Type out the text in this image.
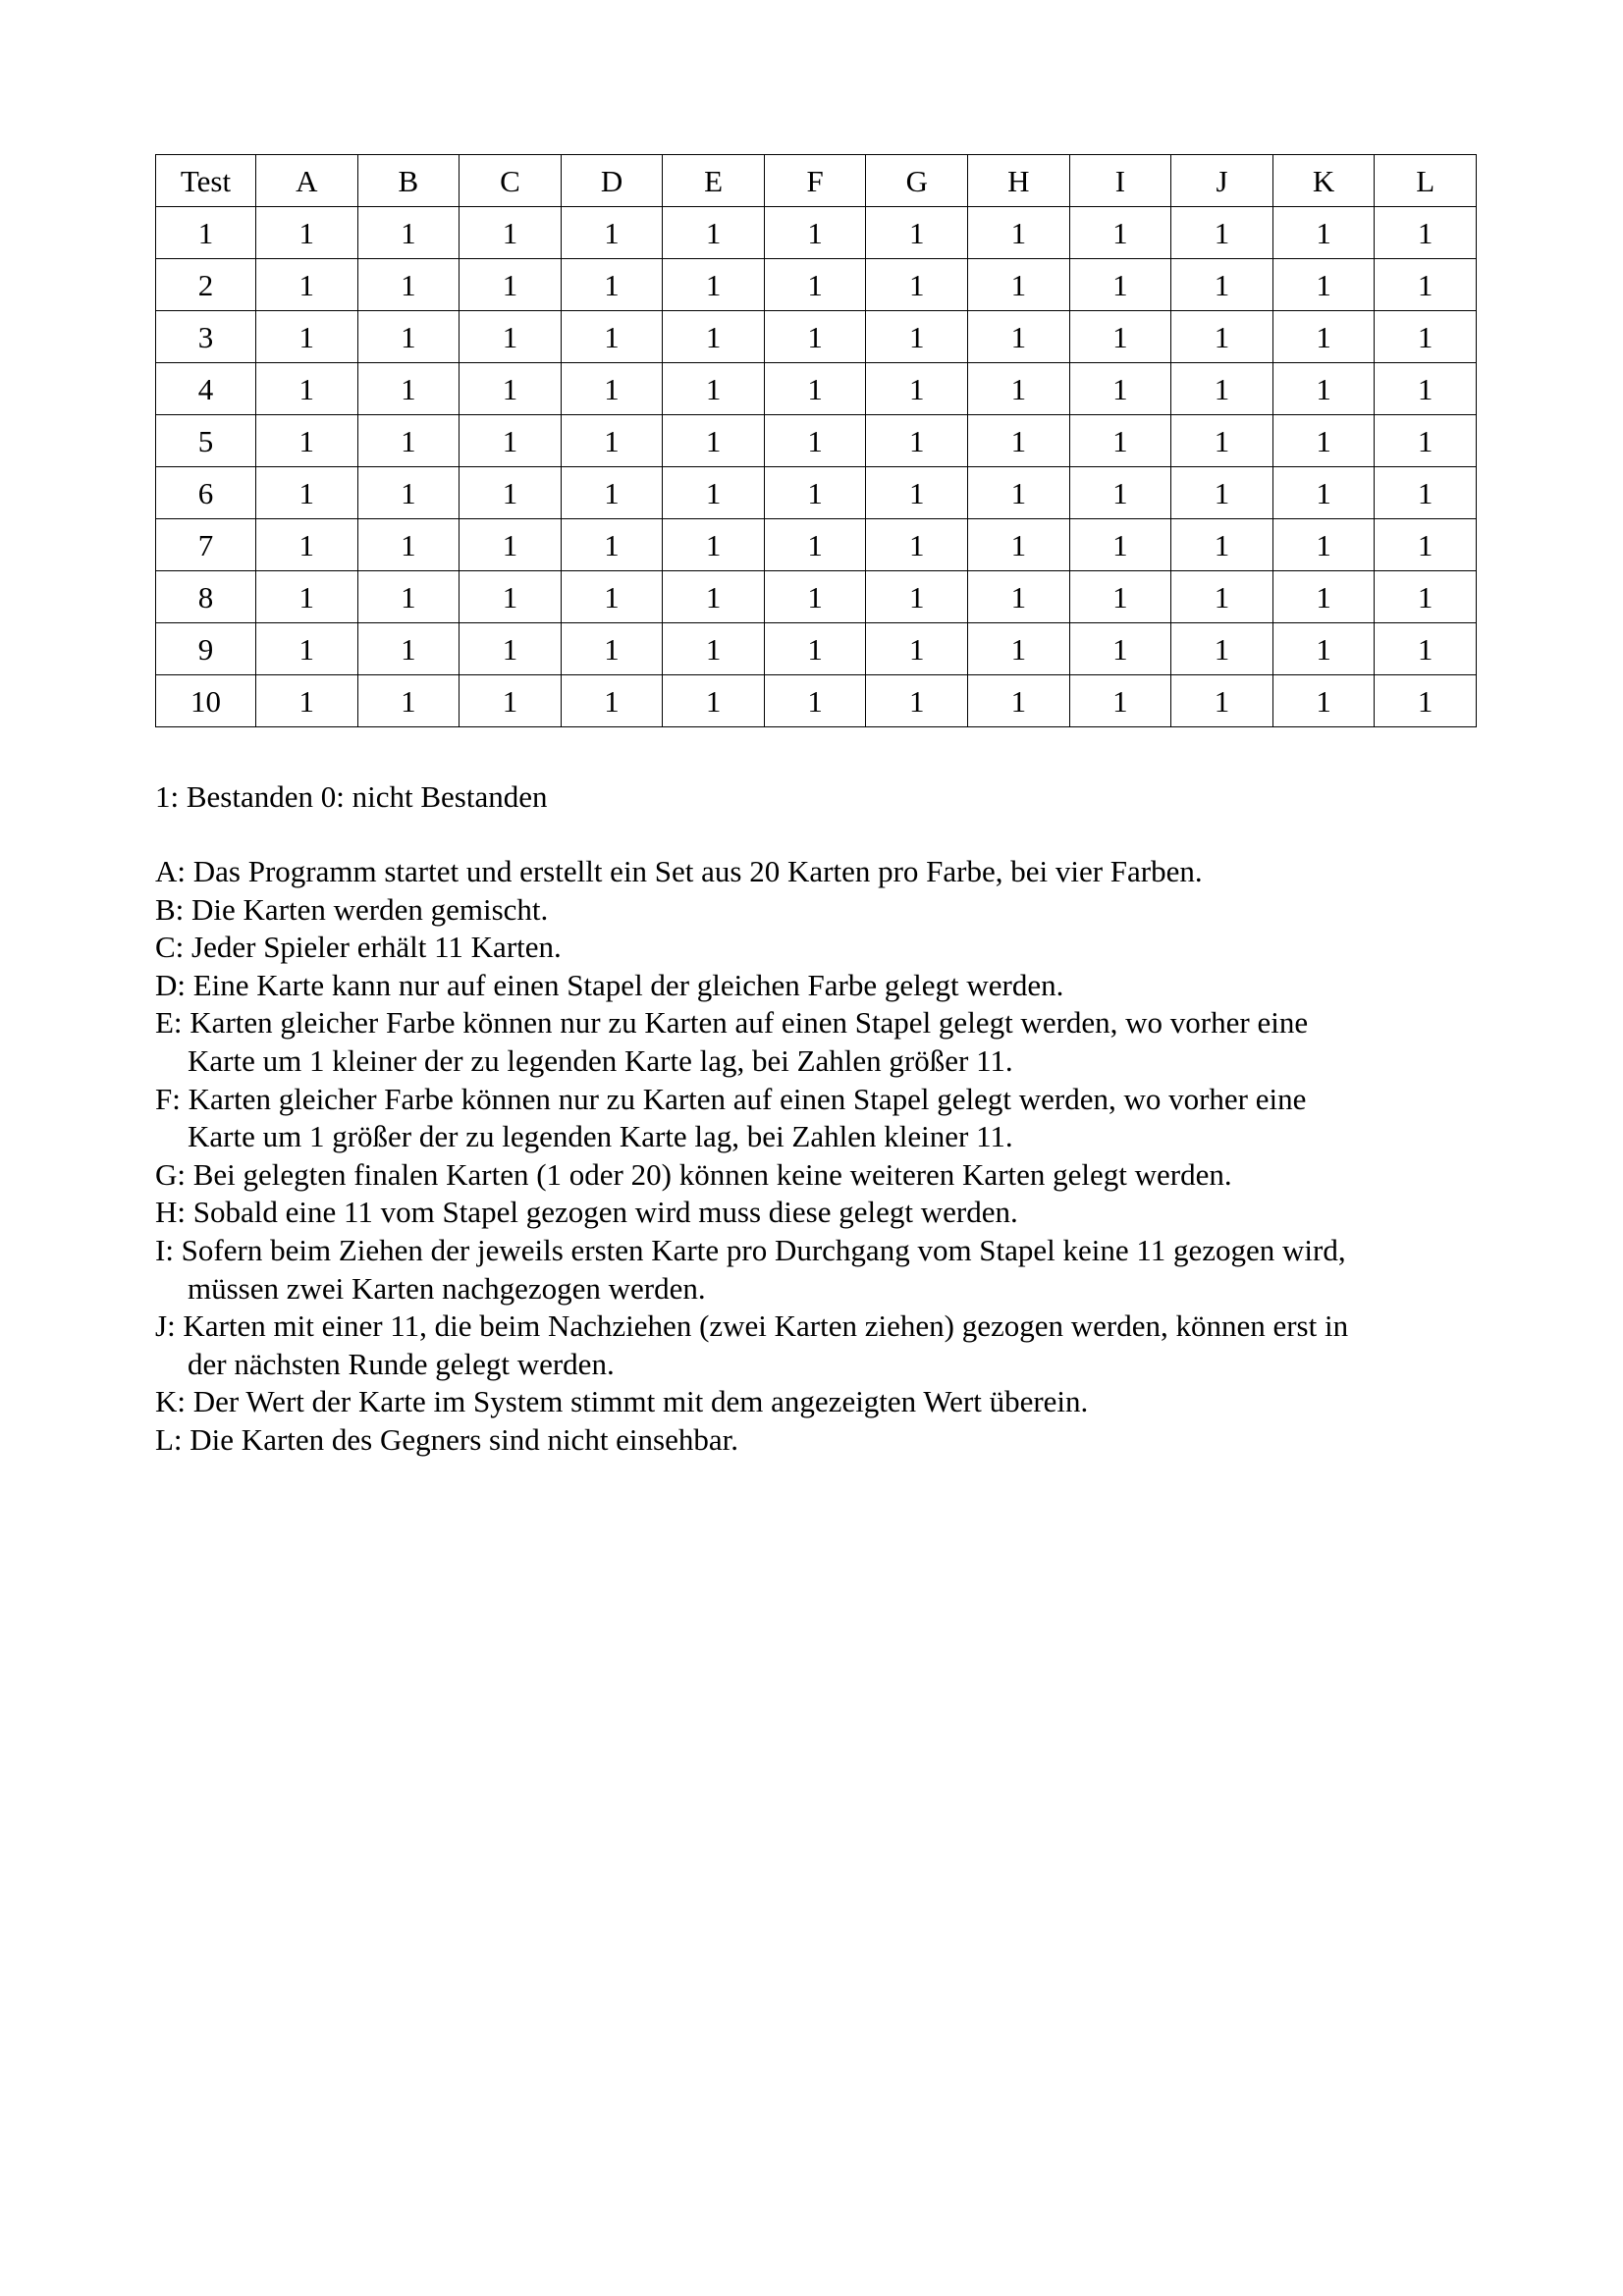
Test	A	B	C	D	E	F	G	H	I	J	K	L
1	1	1	1	1	1	1	1	1	1	1	1	1
2	1	1	1	1	1	1	1	1	1	1	1	1
3	1	1	1	1	1	1	1	1	1	1	1	1
4	1	1	1	1	1	1	1	1	1	1	1	1
5	1	1	1	1	1	1	1	1	1	1	1	1
6	1	1	1	1	1	1	1	1	1	1	1	1
7	1	1	1	1	1	1	1	1	1	1	1	1
8	1	1	1	1	1	1	1	1	1	1	1	1
9	1	1	1	1	1	1	1	1	1	1	1	1
10	1	1	1	1	1	1	1	1	1	1	1	1
1: Bestanden 0: nicht Bestanden
A: Das Programm startet und erstellt ein Set aus 20 Karten pro Farbe, bei vier Farben.
B: Die Karten werden gemischt.
C: Jeder Spieler erhält 11 Karten.
D: Eine Karte kann nur auf einen Stapel der gleichen Farbe gelegt werden.
E: Karten gleicher Farbe können nur zu Karten auf einen Stapel gelegt werden, wo vorher eine
Karte um 1 kleiner der zu legenden Karte lag, bei Zahlen größer 11.
F: Karten gleicher Farbe können nur zu Karten auf einen Stapel gelegt werden, wo vorher eine
Karte um 1 größer der zu legenden Karte lag, bei Zahlen kleiner 11.
G: Bei gelegten finalen Karten (1 oder 20) können keine weiteren Karten gelegt werden.
H: Sobald eine 11 vom Stapel gezogen wird muss diese gelegt werden.
I: Sofern beim Ziehen der jeweils ersten Karte pro Durchgang vom Stapel keine 11 gezogen wird,
müssen zwei Karten nachgezogen werden.
J: Karten mit einer 11, die beim Nachziehen (zwei Karten ziehen) gezogen werden, können erst in
der nächsten Runde gelegt werden.
K: Der Wert der Karte im System stimmt mit dem angezeigten Wert überein.
L: Die Karten des Gegners sind nicht einsehbar.
